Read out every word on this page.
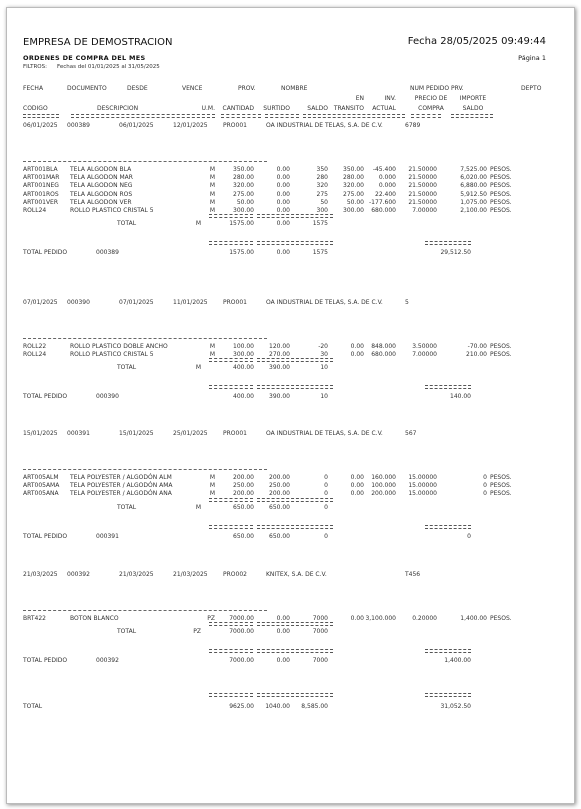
EMPRESA DE DEMOSTRACION	Fecha 28/05/2025 09:49:44
ORDENES DE COMPRA DEL MES	Página 1
FILTROS: Fechas del 01/01/2025 al 31/05/2025
FECHA	DOCUMENTO	DESDE	VENCE	PROV.	NOMBRE	NUM PEDIDO PRV.	DEPTO
EN	INV.	PRECIO DE	IMPORTE
CODIGO	DESCRIPCION	U.M. CANTIDAD SURTIDO	SALDO TRANSITO ACTUAL	COMPRA	SALDO
06/01/2025 000389	06/01/2025	12/01/2025	PRO001	OA INDUSTRIAL DE TELAS, S.A. DE C.V.	6789
ART001BLA TELA ALGODON BLA	M	350.00	0.00	350	350.00 -45.400 21.50000	7,525.00 PESOS.
ART001MAR TELA ALGODON MAR	M	280.00	0.00	280	280.00 0.000 21.50000	6,020.00 PESOS.
ART001NEG TELA ALGODON NEG	M	320.00	0.00	320	320.00 0.000 21.50000	6,880.00 PESOS.
ART001ROS TELA ALGODON ROS	M	275.00	0.00	275	275.00 22.400 21.50000	5,912.50 PESOS.
ART001VER TELA ALGODON VER	M	50.00	0.00	50	50.00 -177.600 21.50000	1,075.00 PESOS.
ROLL24	ROLLO PLASTICO CRISTAL 5	M	300.00	0.00	300	300.00 680.000	7.00000	2,100.00 PESOS.
TOTAL	M	1575.00	0.00	1575
TOTAL PEDIDO	000389	1575.00	0.00	1575	29,512.50
07/01/2025 000390	07/01/2025	11/01/2025	PRO001	OA INDUSTRIAL DE TELAS, S.A. DE C.V.	5
ROLL22	ROLLO PLASTICO DOBLE ANCHO	M	100.00	120.00	-20	0.00 848.000	3.50000	-70.00 PESOS.
ROLL24	ROLLO PLASTICO CRISTAL 5	M	300.00	270.00	30	0.00 680.000	7.00000	210.00 PESOS.
TOTAL	M	400.00	390.00	10
TOTAL PEDIDO	000390	400.00	390.00	10	140.00
15/01/2025 000391	15/01/2025	25/01/2025	PRO001	OA INDUSTRIAL DE TELAS, S.A. DE C.V.	567
ART005ALM TELA POLYESTER / ALGODÓN ALM	M	200.00	200.00	0	0.00 160.000 15.00000	0 PESOS.
ART005AMA TELA POLYESTER / ALGODÓN AMA	M	250.00	250.00	0	0.00 100.000 15.00000	0 PESOS.
ART005ANA TELA POLYESTER / ALGODÓN ANA	M	200.00	200.00	0	0.00 200.000 15.00000	0 PESOS.
TOTAL	M	650.00	650.00	0
TOTAL PEDIDO	000391	650.00	650.00	0	0
21/03/2025 000392	21/03/2025	21/03/2025	PRO002	KNITEX, S.A. DE C.V.	T456
BRT422	BOTON BLANCO	PZ 7000.00	0.00	7000	0.00 3,100.000	0.20000	1,400.00 PESOS.
TOTAL	PZ	7000.00	0.00	7000
TOTAL PEDIDO	000392	7000.00	0.00	7000	1,400.00
TOTAL	9625.00 1040.00 8,585.00	31,052.50
